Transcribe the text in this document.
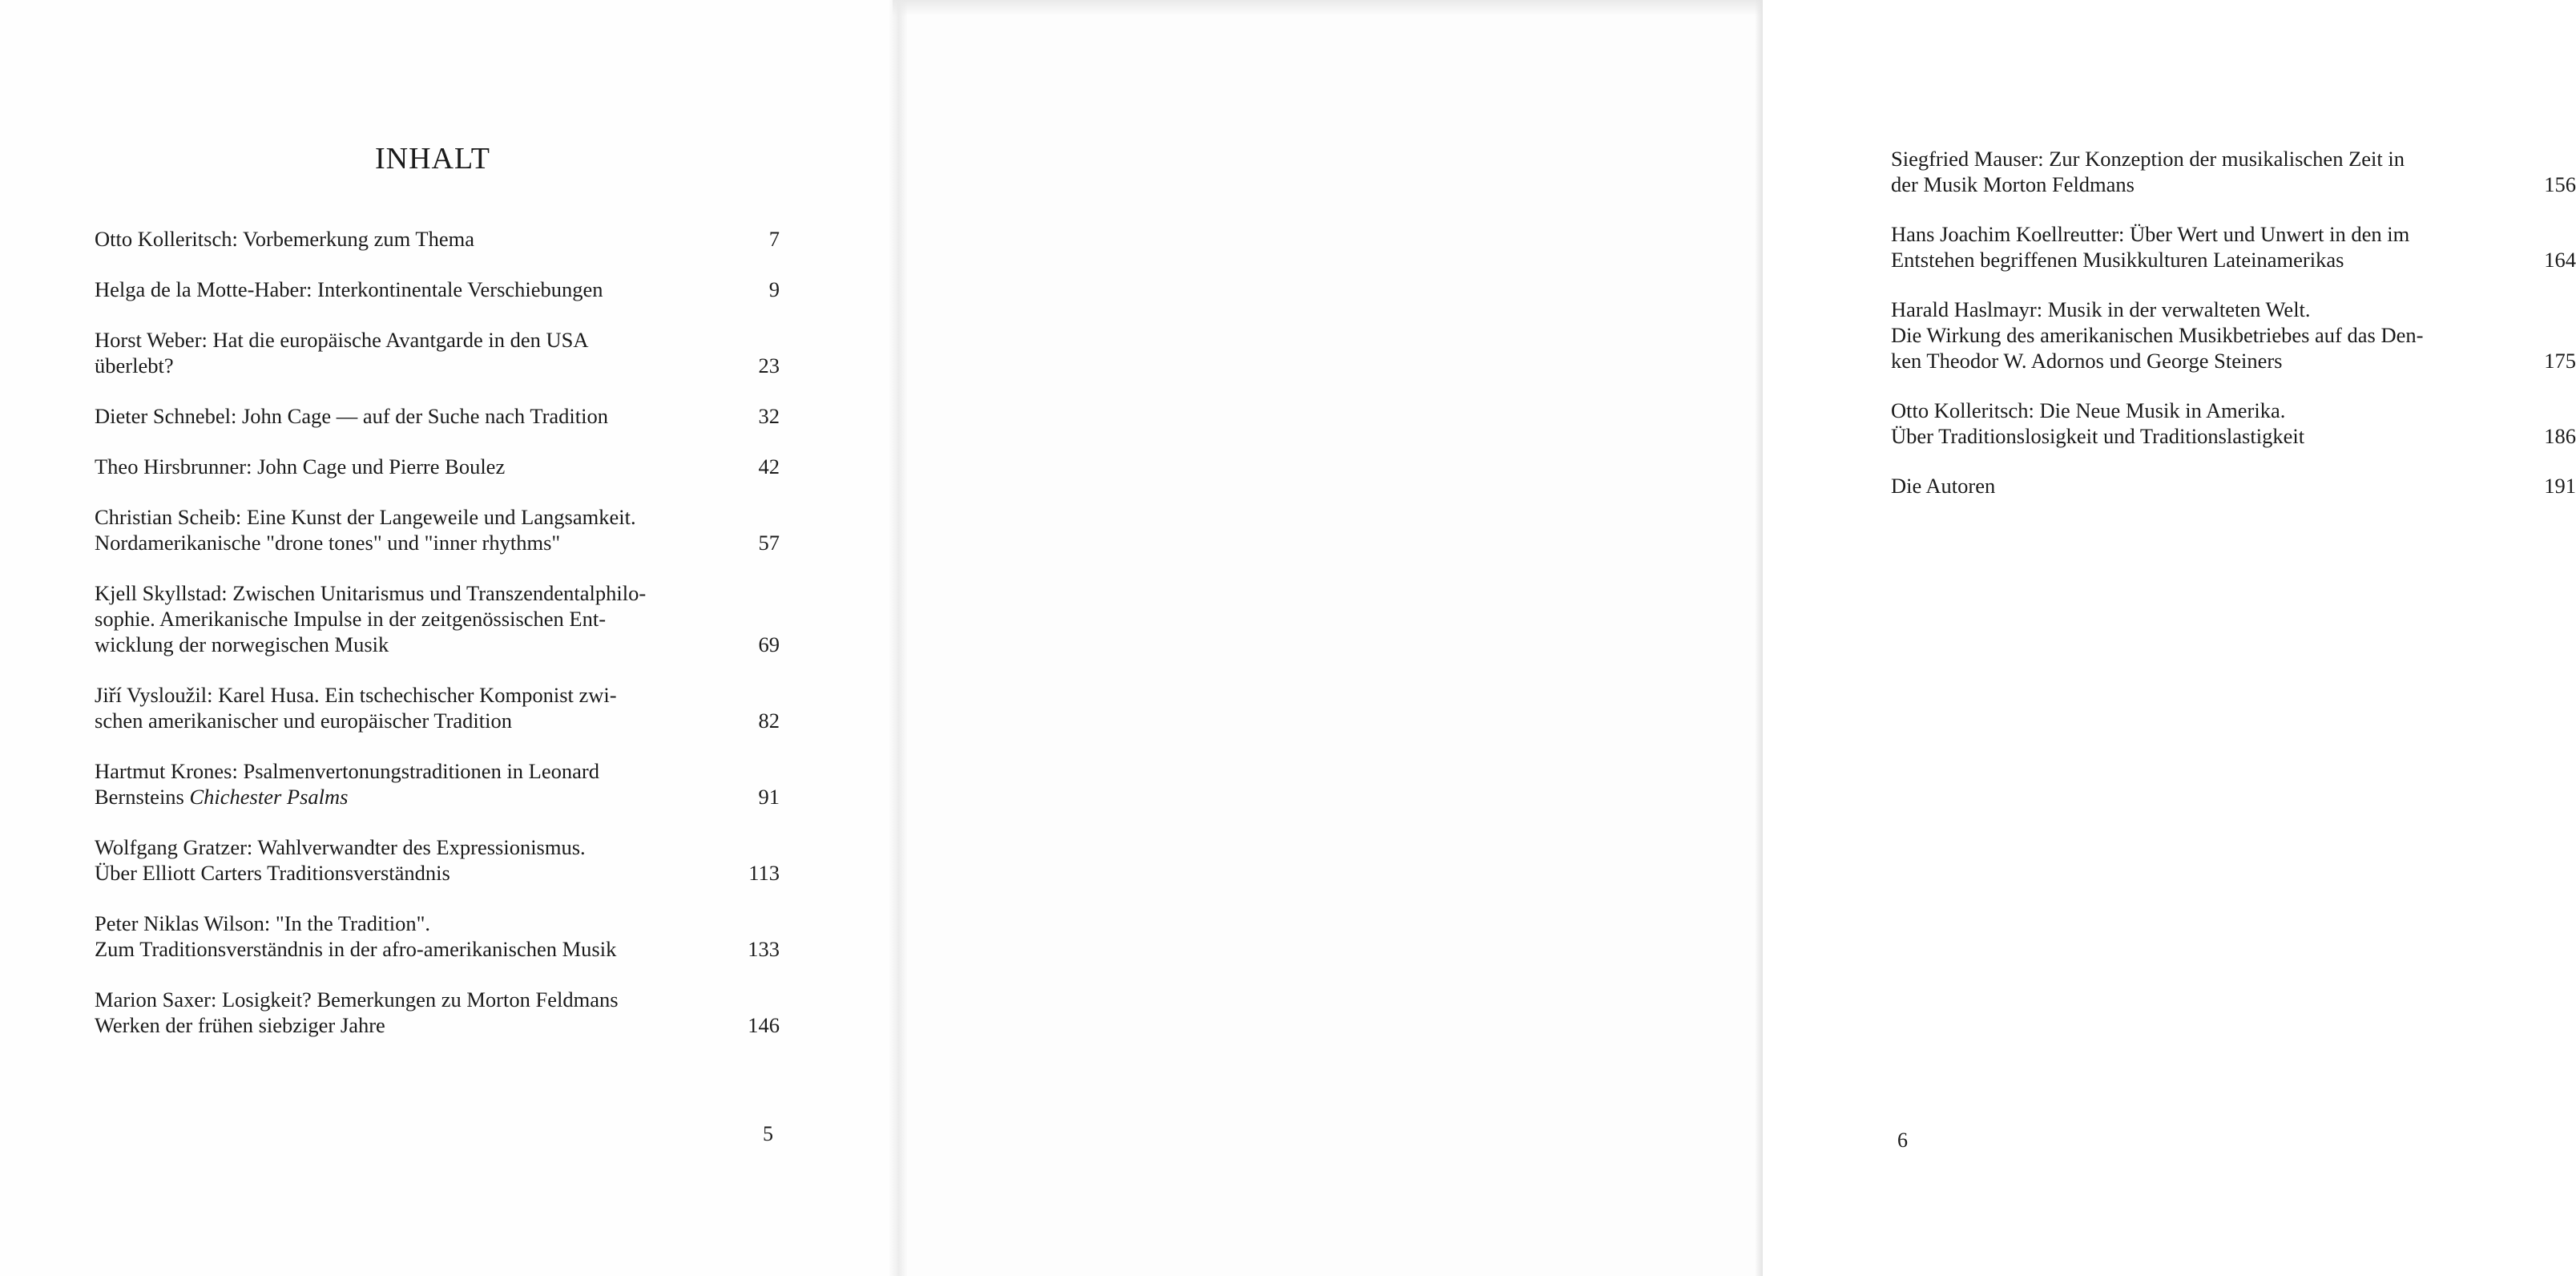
INHALT
Otto Kolleritsch: Vorbemerkung zum Thema	7
Helga de la Motte-Haber: Interkontinentale Verschiebungen	9
Horst Weber: Hat die europäische Avantgarde in den USA
überlebt?	23
Dieter Schnebel: John Cage — auf der Suche nach Tradition	32
Theo Hirsbrunner: John Cage und Pierre Boulez	42
Christian Scheib: Eine Kunst der Langeweile und Langsamkeit.
Nordamerikanische "drone tones" und "inner rhythms"	57
Kjell Skyllstad: Zwischen Unitarismus und Transzendentalphilo-
sophie. Amerikanische Impulse in der zeitgenössischen Ent-
wicklung der norwegischen Musik	69
Jiří Vysloužil: Karel Husa. Ein tschechischer Komponist zwi-
schen amerikanischer und europäischer Tradition	82
Hartmut Krones: Psalmenvertonungstraditionen in Leonard
Bernsteins Chichester Psalms	91
Wolfgang Gratzer: Wahlverwandter des Expressionismus.
Über Elliott Carters Traditionsverständnis	113
Peter Niklas Wilson: "In the Tradition".
Zum Traditionsverständnis in der afro-amerikanischen Musik	133
Marion Saxer: Losigkeit? Bemerkungen zu Morton Feldmans
Werken der frühen siebziger Jahre	146
5
Siegfried Mauser: Zur Konzeption der musikalischen Zeit in
der Musik Morton Feldmans	156
Hans Joachim Koellreutter: Über Wert und Unwert in den im
Entstehen begriffenen Musikkulturen Lateinamerikas	164
Harald Haslmayr: Musik in der verwalteten Welt.
Die Wirkung des amerikanischen Musikbetriebes auf das Den-
ken Theodor W. Adornos und George Steiners	175
Otto Kolleritsch: Die Neue Musik in Amerika.
Über Traditionslosigkeit und Traditionslastigkeit	186
Die Autoren	191
6
